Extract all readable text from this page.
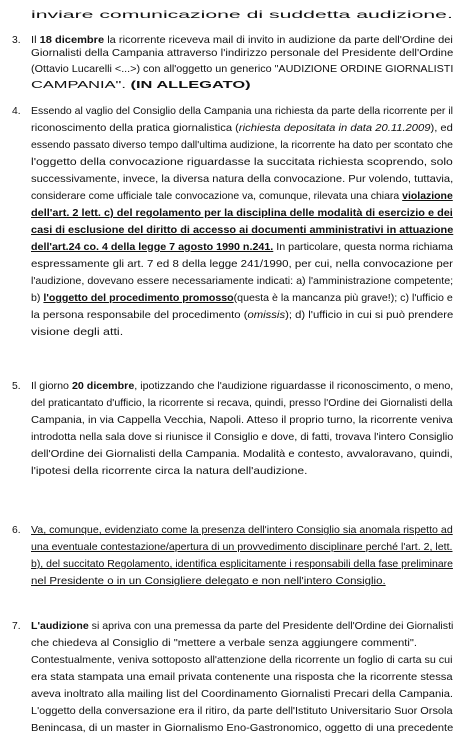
3.
4.
5.
6.
7.
inviare comunicazione di suddetta audizione.
Il 18 dicembre la ricorrente riceveva mail di invito in audizione da parte dell'Ordine dei
Giornalisti della Campania attraverso l'indirizzo personale del Presidente dell'Ordine
(Ottavio Lucarelli <...>) con all'oggetto un generico "AUDIZIONE ORDINE GIORNALISTI
CAMPANIA". (IN ALLEGATO)
Essendo al vaglio del Consiglio della Campania una richiesta da parte della ricorrente per il
riconoscimento della pratica giornalistica (richiesta depositata in data 20.11.2009), ed
essendo passato diverso tempo dall'ultima audizione, la ricorrente ha dato per scontato che
l'oggetto della convocazione riguardasse la succitata richiesta scoprendo, solo
successivamente, invece, la diversa natura della convocazione. Pur volendo, tuttavia,
considerare come ufficiale tale convocazione va, comunque, rilevata una chiara violazione
dell'art. 2 lett. c) del regolamento per la disciplina delle modalità di esercizio e dei
casi di esclusione del diritto di accesso ai documenti amministrativi in attuazione
dell'art.24 co. 4 della legge 7 agosto 1990 n.241. In particolare, questa norma richiama
espressamente gli art. 7 ed 8 della legge 241/1990, per cui, nella convocazione per
l'audizione, dovevano essere necessariamente indicati: a) l'amministrazione competente;
b) l'oggetto del procedimento promosso(questa è la mancanza più grave!); c) l'ufficio e
la persona responsabile del procedimento (omissis); d) l'ufficio in cui si può prendere
visione degli atti.
Il giorno 20 dicembre, ipotizzando che l'audizione riguardasse il riconoscimento, o meno,
del praticantato d'ufficio, la ricorrente si recava, quindi, presso l'Ordine dei Giornalisti della
Campania, in via Cappella Vecchia, Napoli. Atteso il proprio turno, la ricorrente veniva
introdotta nella sala dove si riunisce il Consiglio e dove, di fatti, trovava l'intero Consiglio
dell'Ordine dei Giornalisti della Campania. Modalità e contesto, avvaloravano, quindi,
l'ipotesi della ricorrente circa la natura dell'audizione.
Va, comunque, evidenziato come la presenza dell'intero Consiglio sia anomala rispetto ad
una eventuale contestazione/apertura di un provvedimento disciplinare perché l'art. 2, lett.
b), del succitato Regolamento, identifica esplicitamente i responsabili della fase preliminare
nel Presidente o in un Consigliere delegato e non nell'intero Consiglio.
L'audizione si apriva con una premessa da parte del Presidente dell'Ordine dei Giornalisti
che chiedeva al Consiglio di "mettere a verbale senza aggiungere commenti".
Contestualmente, veniva sottoposto all'attenzione della ricorrente un foglio di carta su cui
era stata stampata una email privata contenente una risposta che la ricorrente stessa
aveva inoltrato alla mailing list del Coordinamento Giornalisti Precari della Campania.
L'oggetto della conversazione era il ritiro, da parte dell'Istituto Universitario Suor Orsola
Benincasa, di un master in Giornalismo Eno-Gastronomico, oggetto di una precedente
